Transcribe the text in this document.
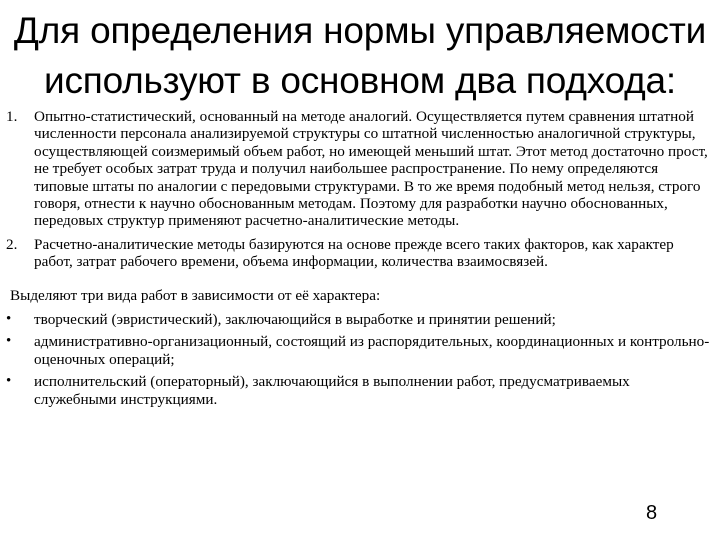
Для определения нормы управляемости используют в основном два подхода:
1.	Опытно-статистический, основанный на методе аналогий. Осуществляется путем сравнения штатной численности персонала анализируемой структуры со штатной численностью аналогичной структуры, осуществляющей соизмеримый объем работ, но имеющей меньший штат. Этот метод достаточно прост, не требует особых затрат труда и получил наибольшее распространение. По нему определяются типовые штаты по аналогии с передовыми структурами. В то же время подобный метод нельзя, строго говоря, отнести к научно обоснованным методам. Поэтому для разработки научно обоснованных, передовых структур применяют расчетно-аналитические методы.
2.	Расчетно-аналитические методы базируются на основе прежде всего таких факторов, как характер работ, затрат рабочего времени, объема информации, количества взаимосвязей.
Выделяют три вида работ в зависимости от её характера:
•	творческий (эвристический), заключающийся в выработке и принятии решений;
•	административно-организационный, состоящий из распорядительных, координационных и контрольно-оценочных операций;
•	исполнительский (операторный), заключающийся в выполнении работ, предусматриваемых служебными инструкциями.
8
